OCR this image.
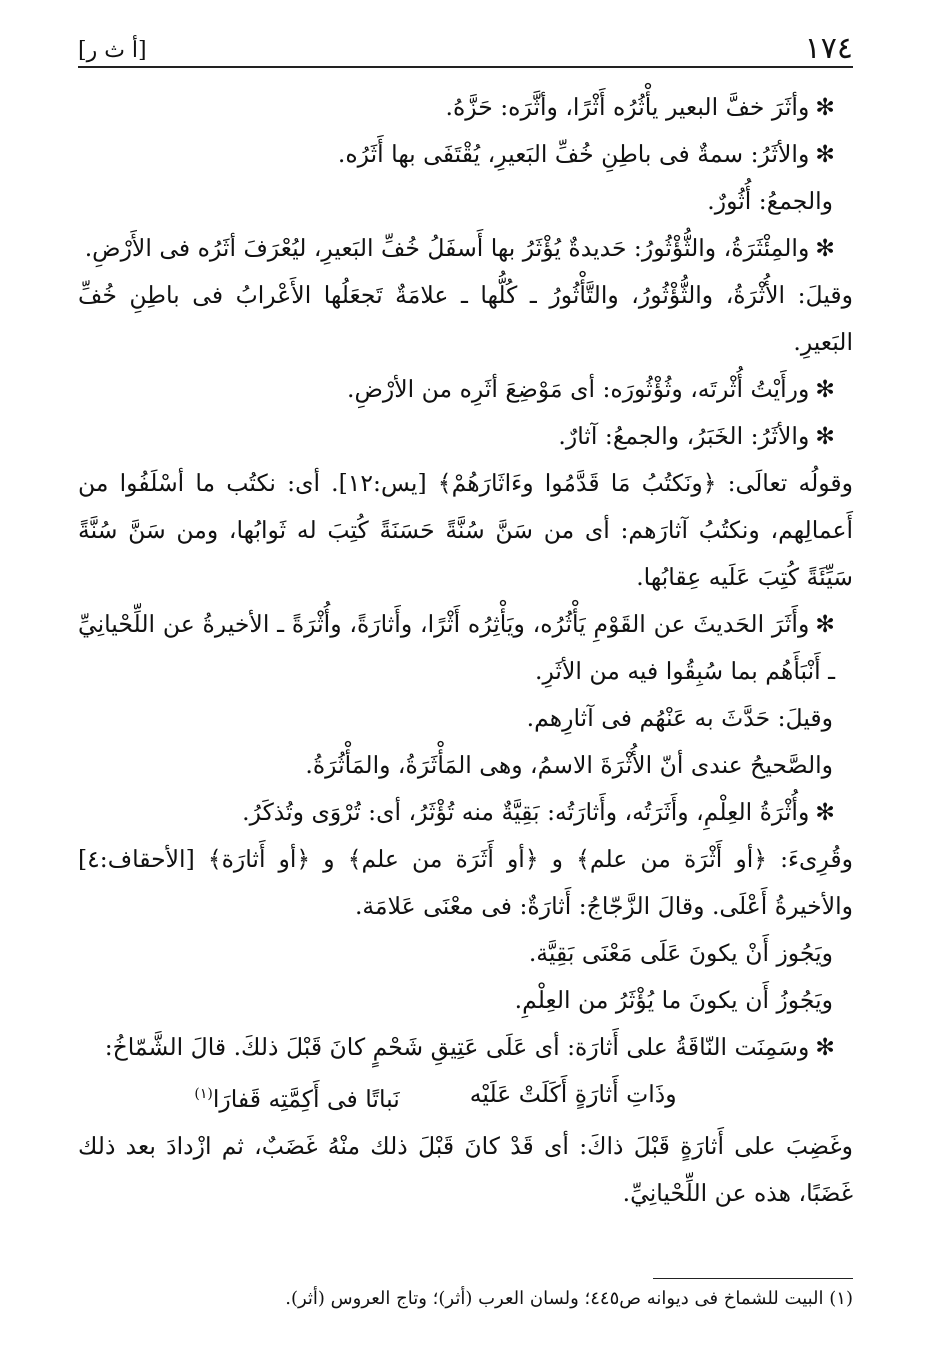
١٧٤
[أ ث ر]

✻وأثَرَ خفَّ البعير يأْثُرُه أَثْرًا، وأثَّرَه: حَزَّهُ.

✻والأثَرُ: سمةٌ فى باطِنِ خُفِّ البَعيرِ، يُقْتَفَى بها أَثَرُه.

والجمعُ: أُثُورٌ.

✻والمِئْثَرَةُ، والثُّؤْثُورُ: حَديدةٌ يُؤْثَرُ بها أَسفَلُ خُفِّ البَعيرِ، ليُعْرَفَ أثَرُه فى الأَرْضِ.

وقيلَ: الأُثْرَةُ، والثُّؤْثُورُ، والتَّأْثُورُ ـ كُلُّها ـ علامَةٌ تَجعَلُها الأَعْرابُ فى باطِنِ خُفِّ البَعيرِ.

✻ورأَيْتُ أُثْرتَه، وثُؤْثُورَه: أى مَوْضِعَ أثَرِه من الأرْضِ.

✻والأثَرُ: الخَبَرُ، والجمعُ: آثارٌ.

وقولُه تعالَى: ﴿ونَكتُبُ مَا قَدَّمُوا وءَاثَارَهُمْ﴾ [يس:١٢]. أى: نكتُب ما أسْلَفُوا من أَعمالِهم، ونكتُبُ آثارَهم: أى من سَنَّ سُنَّةً حَسَنَةً كُتِبَ له ثَوابُها، ومن سَنَّ سُنَّةً سَيِّئَةً كُتِبَ عَلَيه عِقابُها.

✻وأَثَرَ الحَديثَ عن القَوْمِ يَأْثُرُه، ويَأْثِرُه أَثْرًا، وأَثارَةً، وأُثْرَةً ـ الأخيرةُ عن اللِّحْيانِيِّ ـ أَنْبَأَهُم بما سُبِقُوا فيه من الأثَرِ.

وقيلَ: حَدَّثَ به عَنْهُم فى آثارِهم.

والصَّحيحُ عندى أنّ الأُثْرَةَ الاسمُ، وهى المَأْثَرَةُ، والمَأْثُرَةُ.

✻وأُثْرَةُ العِلْمِ، وأَثَرَتُه، وأَثارَتُه: بَقِيَّةٌ منه تُؤْثَرُ، أى: تُرْوَى وتُذكَرُ.

وقُرِىءَ: ﴿أو أَثْرَة من علم﴾ و ﴿أو أَثَرَة من علم﴾ و ﴿أو أَثارَة﴾ [الأحقاف:٤] والأخيرةُ أَعْلَى. وقالَ الزَّجّاجُ: أَثارَةٌ: فى معْنَى عَلامَة.

ويَجُوز أَنْ يكونَ عَلَى مَعْنَى بَقِيَّة.

ويَجُوزُ أَن يكونَ ما يُؤْثَرُ من العِلْمِ.

✻وسَمِنَت النّاقَةُ على أَثارَة: أى عَلَى عَتِيقِ شَحْمٍ كانَ قَبْلَ ذلكَ. قالَ الشَّمّاخُ:

وذَاتِ أَثارَةٍ أَكَلَتْ عَلَيْه
نَباتًا فى أَكِمَّتِه قَفارَا$^{(١)}$

وغَضِبَ على أَثارَةٍ قَبْلَ ذاكَ: أى قَدْ كانَ قَبْلَ ذلك منْهُ غَضَبٌ، ثم ازْدادَ بعد ذلك غَضَبًا، هذه عن اللِّحْيانِيِّ.

(١) البيت للشماخ فى ديوانه ص٤٤٥؛ ولسان العرب (أثر)؛ وتاج العروس (أثر).
